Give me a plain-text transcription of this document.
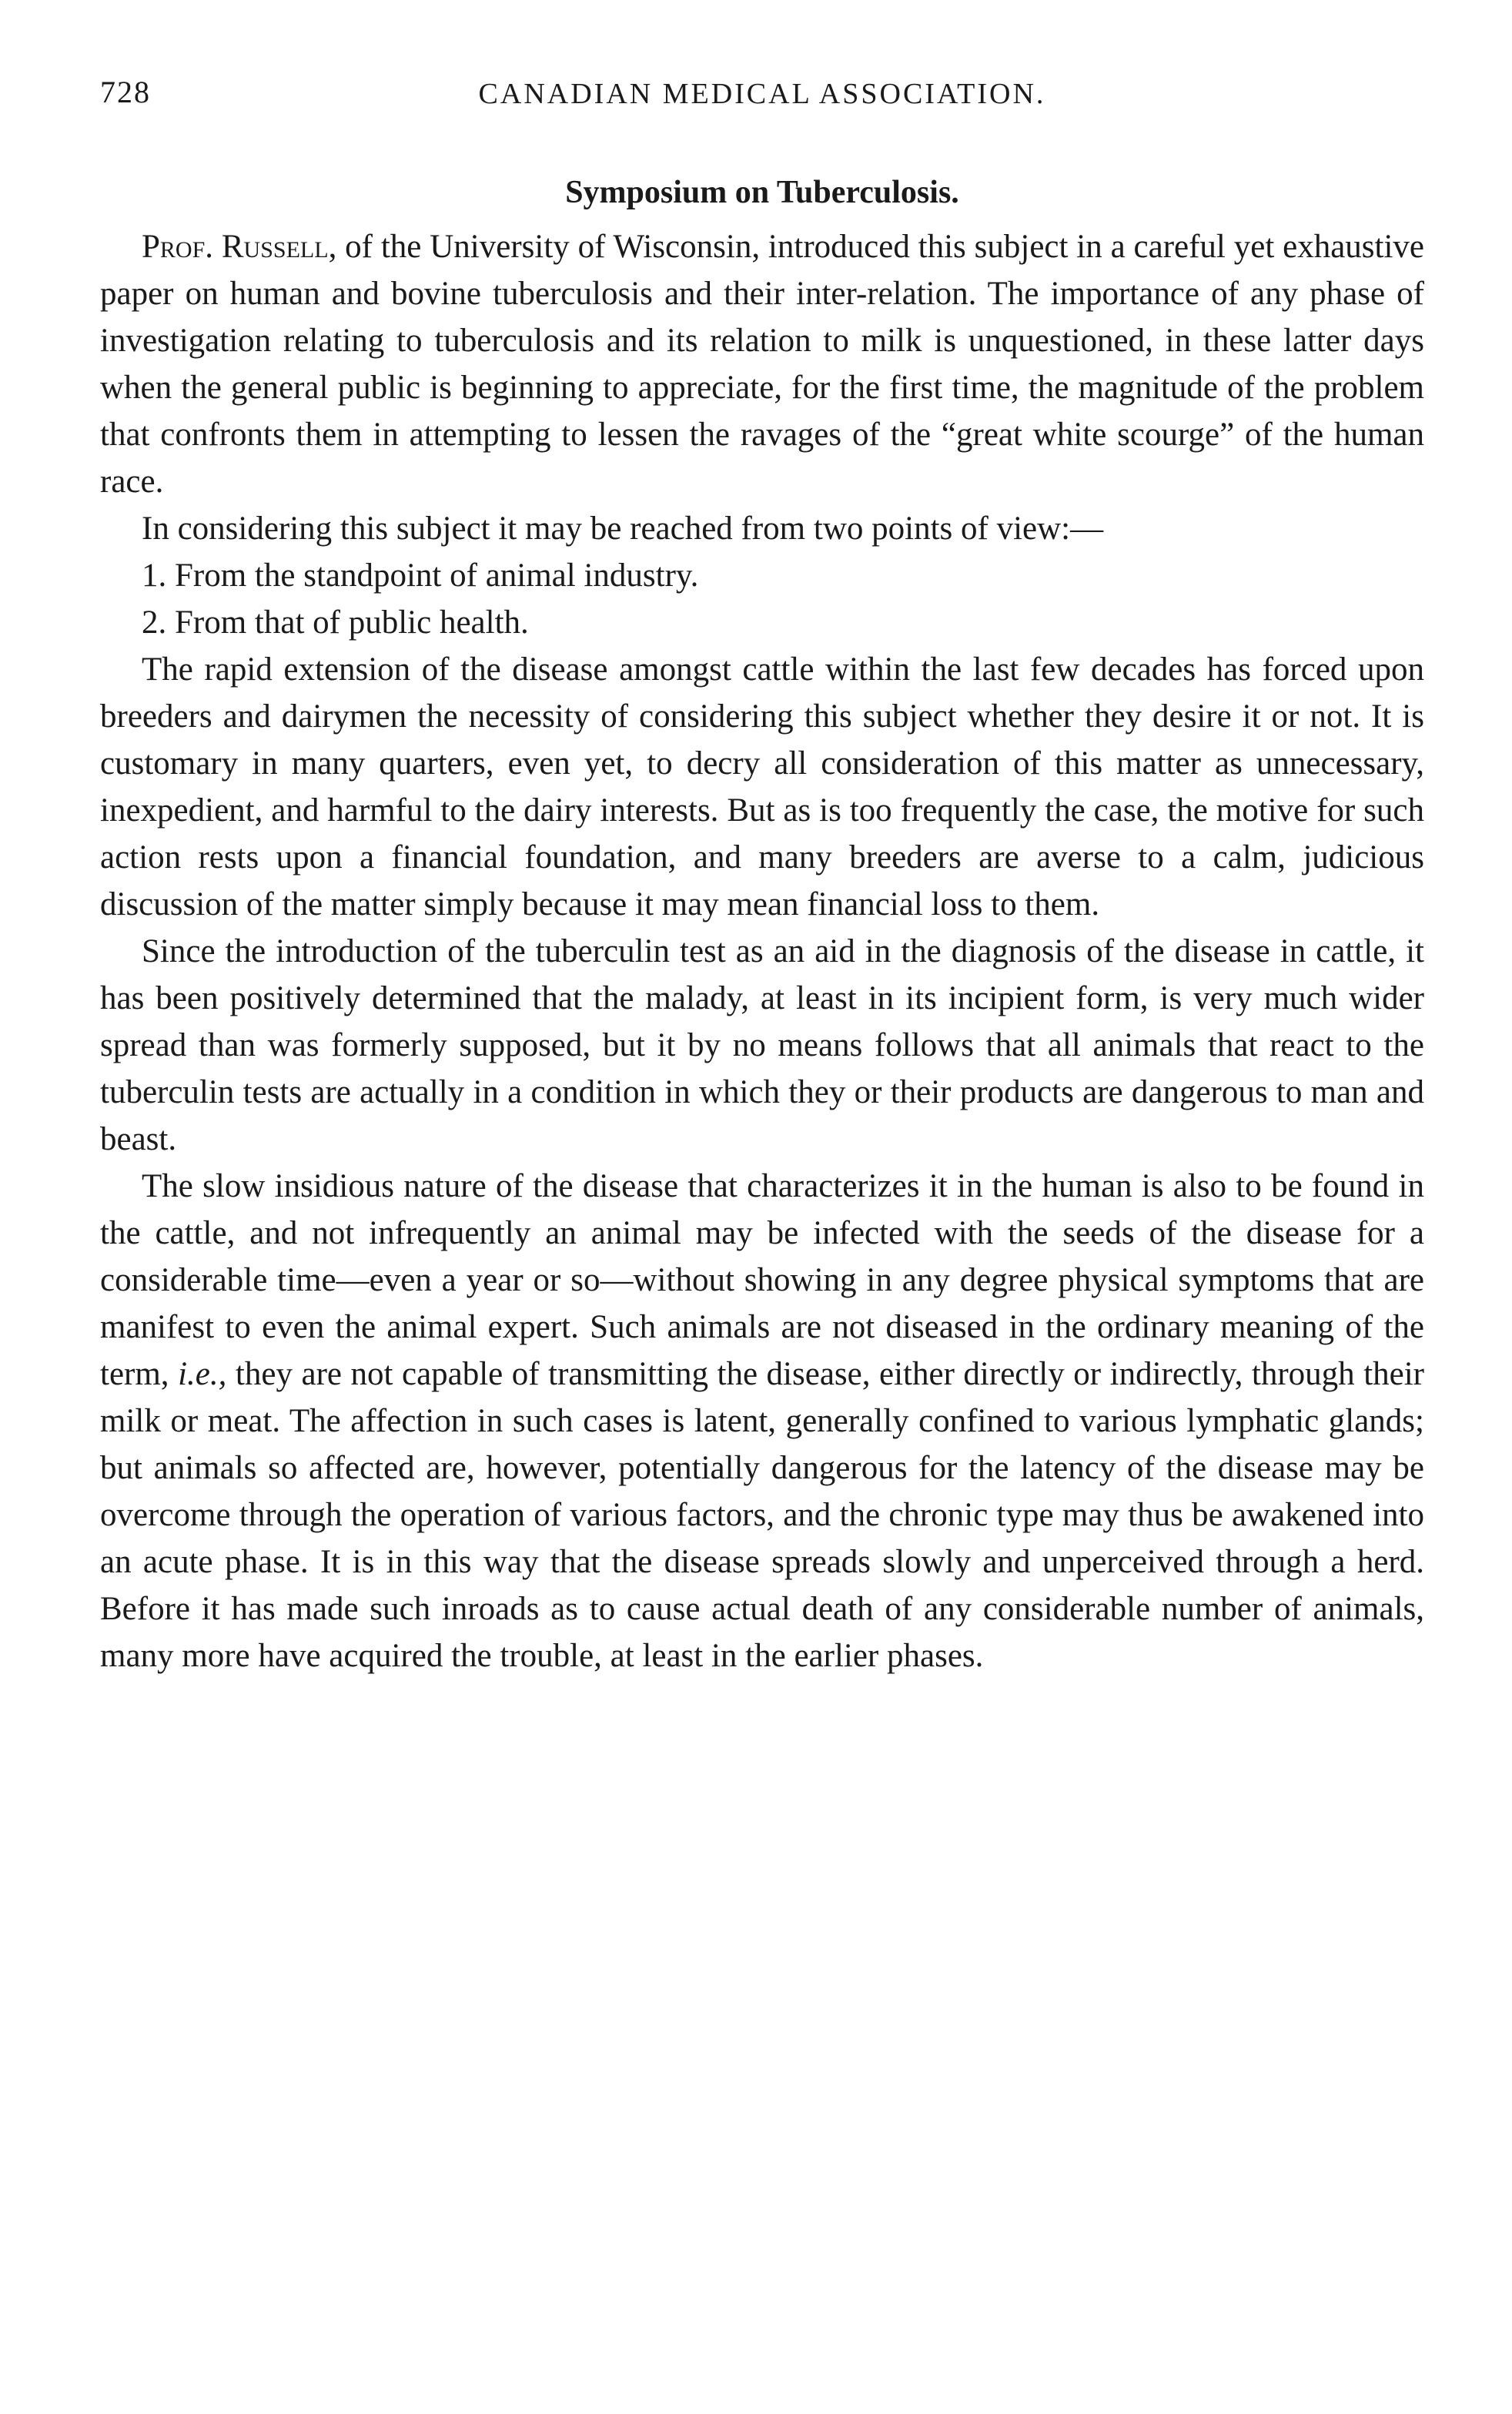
728	CANADIAN MEDICAL ASSOCIATION.
Symposium on Tuberculosis.

Prof. Russell, of the University of Wisconsin, introduced this subject in a careful yet exhaustive paper on human and bovine tuberculosis and their inter-relation. The importance of any phase of investigation relating to tuberculosis and its relation to milk is unquestioned, in these latter days when the general public is beginning to appreciate, for the first time, the magnitude of the problem that confronts them in attempting to lessen the ravages of the “great white scourge” of the human race.

In considering this subject it may be reached from two points of view:—

1. From the standpoint of animal industry.

2. From that of public health.

The rapid extension of the disease amongst cattle within the last few decades has forced upon breeders and dairymen the necessity of considering this subject whether they desire it or not. It is customary in many quarters, even yet, to decry all consideration of this matter as unnecessary, inexpedient, and harmful to the dairy interests. But as is too frequently the case, the motive for such action rests upon a financial foundation, and many breeders are averse to a calm, judicious discussion of the matter simply because it may mean financial loss to them.

Since the introduction of the tuberculin test as an aid in the diagnosis of the disease in cattle, it has been positively determined that the malady, at least in its incipient form, is very much wider spread than was formerly supposed, but it by no means follows that all animals that react to the tuberculin tests are actually in a condition in which they or their products are dangerous to man and beast.

The slow insidious nature of the disease that characterizes it in the human is also to be found in the cattle, and not infrequently an animal may be infected with the seeds of the disease for a considerable time—even a year or so—without showing in any degree physical symptoms that are manifest to even the animal expert. Such animals are not diseased in the ordinary meaning of the term, i.e., they are not capable of transmitting the disease, either directly or indirectly, through their milk or meat. The affection in such cases is latent, generally confined to various lymphatic glands; but animals so affected are, however, potentially dangerous for the latency of the disease may be overcome through the operation of various factors, and the chronic type may thus be awakened into an acute phase. It is in this way that the disease spreads slowly and unperceived through a herd. Before it has made such inroads as to cause actual death of any considerable number of animals, many more have acquired the trouble, at least in the earlier phases.
